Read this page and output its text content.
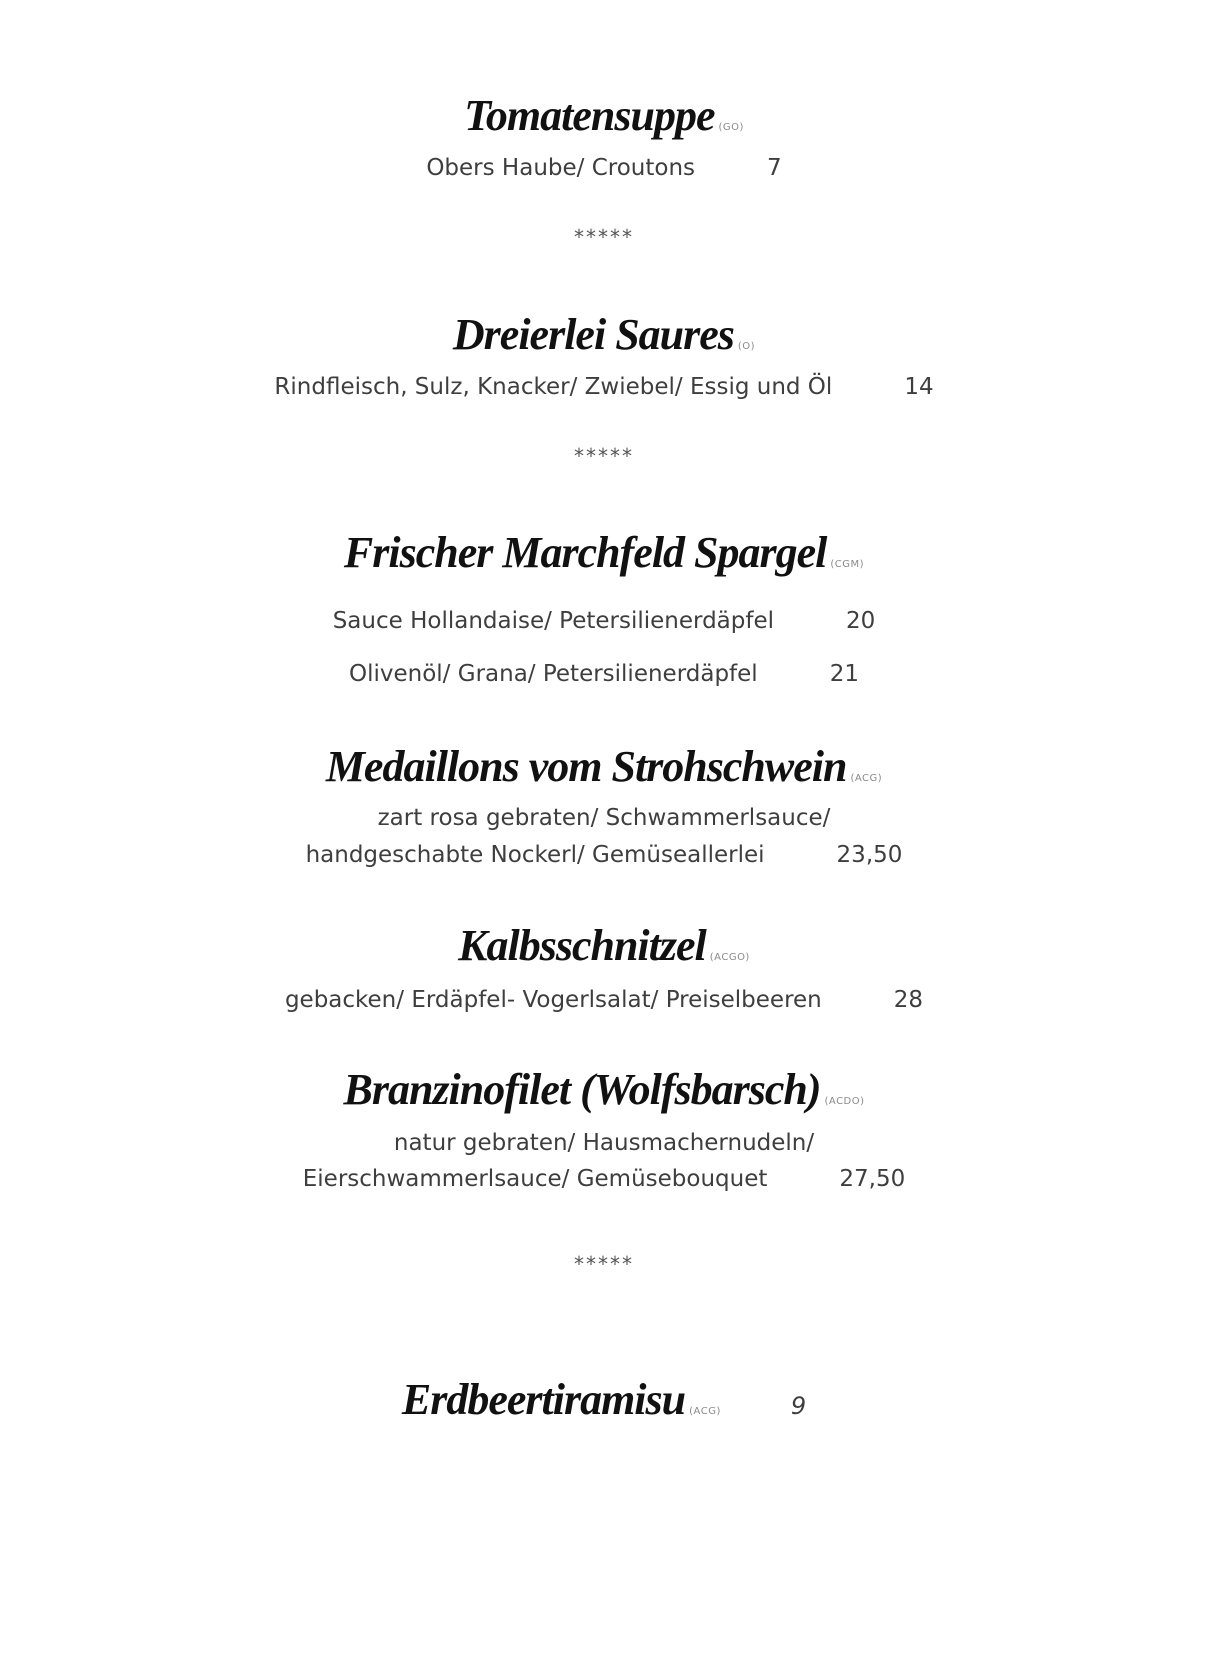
Tomatensuppe (GO)
Obers Haube/ Croutons	7
*****
Dreierlei Saures (O)
Rindfleisch, Sulz, Knacker/ Zwiebel/ Essig und Öl	14
*****
Frischer Marchfeld Spargel (CGM)
Sauce Hollandaise/ Petersilienerdäpfel	20
Olivenöl/ Grana/ Petersilienerdäpfel	21
Medaillons vom Strohschwein (ACG)
zart rosa gebraten/ Schwammerlsauce/
handgeschabte Nockerl/ Gemüseallerlei	23,50
Kalbsschnitzel (ACGO)
gebacken/ Erdäpfel- Vogerlsalat/ Preiselbeeren	28
Branzinofilet (Wolfsbarsch) (ACDO)
natur gebraten/ Hausmachernudeln/
Eierschwammerlsauce/ Gemüsebouquet	27,50
*****
Erdbeertiramisu (ACG)	9
